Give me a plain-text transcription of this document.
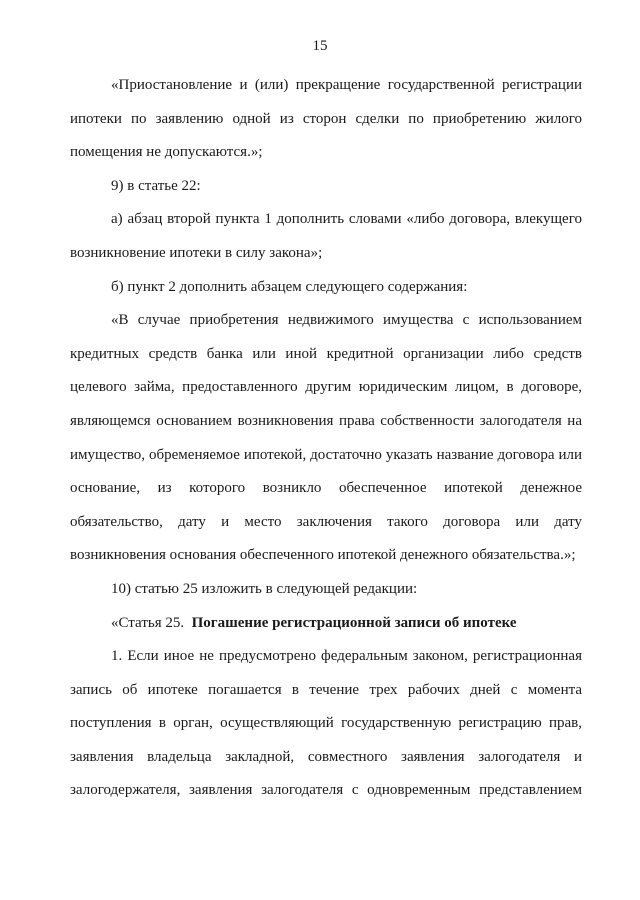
15
«Приостановление и (или) прекращение государственной регистрации
ипотеки по заявлению одной из сторон сделки по приобретению жилого
помещения не допускаются.»;
9) в статье 22:
а) абзац второй пункта 1 дополнить словами «либо договора, влекущего
возникновение ипотеки в силу закона»;
б) пункт 2 дополнить абзацем следующего содержания:
«В случае приобретения недвижимого имущества с использованием
кредитных средств банка или иной кредитной организации либо средств
целевого займа, предоставленного другим юридическим лицом, в договоре,
являющемся основанием возникновения права собственности залогодателя на
имущество, обременяемое ипотекой, достаточно указать название договора или
основание, из которого возникло обеспеченное ипотекой денежное
обязательство, дату и место заключения такого договора или дату
возникновения основания обеспеченного ипотекой денежного обязательства.»;
10) статью 25 изложить в следующей редакции:
«Статья 25. Погашение регистрационной записи об ипотеке
1. Если иное не предусмотрено федеральным законом, регистрационная
запись об ипотеке погашается в течение трех рабочих дней с момента
поступления в орган, осуществляющий государственную регистрацию прав,
заявления владельца закладной, совместного заявления залогодателя и
залогодержателя, заявления залогодателя с одновременным представлением
